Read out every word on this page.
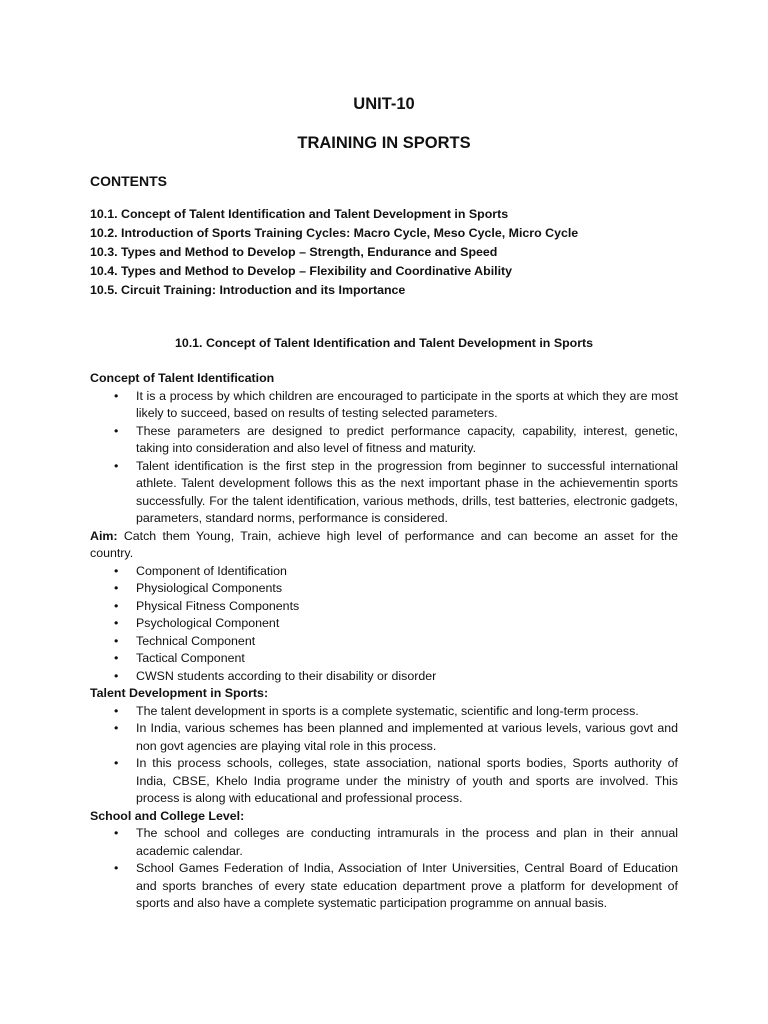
UNIT-10
TRAINING IN SPORTS
CONTENTS
10.1. Concept of Talent Identification and Talent Development in Sports
10.2. Introduction of Sports Training Cycles: Macro Cycle, Meso Cycle, Micro Cycle
10.3. Types and Method to Develop – Strength, Endurance and Speed
10.4. Types and Method to Develop – Flexibility and Coordinative Ability
10.5. Circuit Training: Introduction and its Importance
10.1. Concept of Talent Identification and Talent Development in Sports

Concept of Talent Identification

• It is a process by which children are encouraged to participate in the sports at which they are most likely to succeed, based on results of testing selected parameters.
• These parameters are designed to predict performance capacity, capability, interest, genetic, taking into consideration and also level of fitness and maturity.
• Talent identification is the first step in the progression from beginner to successful international athlete. Talent development follows this as the next important phase in the achievementin sports successfully. For the talent identification, various methods, drills, test batteries, electronic gadgets, parameters, standard norms, performance is considered.

Aim: Catch them Young, Train, achieve high level of performance and can become an asset for the country.

• Component of Identification
• Physiological Components
• Physical Fitness Components
• Psychological Component
• Technical Component
• Tactical Component
• CWSN students according to their disability or disorder

Talent Development in Sports:

• The talent development in sports is a complete systematic, scientific and long-term process.
• In India, various schemes has been planned and implemented at various levels, various govt and non govt agencies are playing vital role in this process.
• In this process schools, colleges, state association, national sports bodies, Sports authority of India, CBSE, Khelo India programe under the ministry of youth and sports are involved. This process is along with educational and professional process.

School and College Level:

• The school and colleges are conducting intramurals in the process and plan in their annual academic calendar.
• School Games Federation of India, Association of Inter Universities, Central Board of Education and sports branches of every state education department prove a platform for development of sports and also have a complete systematic participation programme on annual basis.
